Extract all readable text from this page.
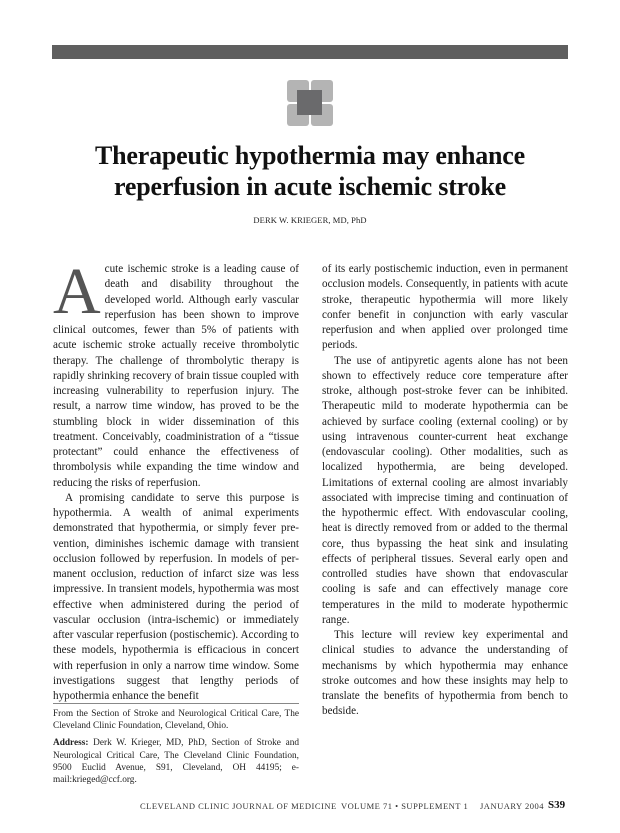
Therapeutic hypothermia may enhance
reperfusion in acute ischemic stroke
DERK W. KRIEGER, MD, PhD

Acute ischemic stroke is a leading cause of death and disability throughout the developed world. Although early vascular reperfusion has been shown to improve clinical outcomes, fewer than 5% of patients with acute ischemic stroke actually receive thrombolytic therapy. The challenge of thrombolytic therapy is rapidly shrinking recovery of brain tissue coupled with increasing vulnerability to reperfusion injury. The result, a narrow time window, has proved to be the stumbling block in wider dissemination of this treatment. Conceivably, coadministration of a “tissue protectant” could enhance the effectiveness of thrombolysis while expanding the time window and reducing the risks of reperfusion.

A promising candidate to serve this purpose is hypothermia. A wealth of animal experiments demonstrated that hypothermia, or simply fever prevention, diminishes ischemic damage with transient occlusion followed by reperfusion. In models of permanent occlusion, reduction of infarct size was less impressive. In transient models, hypothermia was most effective when administered during the period of vascular occlusion (intra-ischemic) or immediately after vascular reperfusion (postischemic). According to these models, hypothermia is efficacious in concert with reperfusion in only a narrow time window. Some investigations suggest that lengthy periods of hypothermia enhance the benefit

of its early postischemic induction, even in permanent occlusion models. Consequently, in patients with acute stroke, therapeutic hypothermia will more likely confer benefit in conjunction with early vascular reperfusion and when applied over prolonged time periods.

The use of antipyretic agents alone has not been shown to effectively reduce core temperature after stroke, although post-stroke fever can be inhibited. Therapeutic mild to moderate hypothermia can be achieved by surface cooling (external cooling) or by using intravenous counter-current heat exchange (endovascular cooling). Other modalities, such as localized hypothermia, are being developed. Limitations of external cooling are almost invariably associated with imprecise timing and continuation of the hypothermic effect. With endovascular cooling, heat is directly removed from or added to the thermal core, thus bypassing the heat sink and insulating effects of peripheral tissues. Several early open and controlled studies have shown that endovascular cooling is safe and can effectively manage core temperatures in the mild to moderate hypothermic range.

This lecture will review key experimental and clinical studies to advance the understanding of mechanisms by which hypothermia may enhance stroke outcomes and how these insights may help to translate the benefits of hypothermia from bench to bedside.

From the Section of Stroke and Neurological Critical Care, The Cleveland Clinic Foundation, Cleveland, Ohio.

Address: Derk W. Krieger, MD, PhD, Section of Stroke and Neurological Critical Care, The Cleveland Clinic Foundation, 9500 Euclid Avenue, S91, Cleveland, OH 44195; e-mail:krieged@ccf.org.

CLEVELAND CLINIC JOURNAL OF MEDICINE VOLUME 71 • SUPPLEMENT 1 JANUARY 2004 S39
